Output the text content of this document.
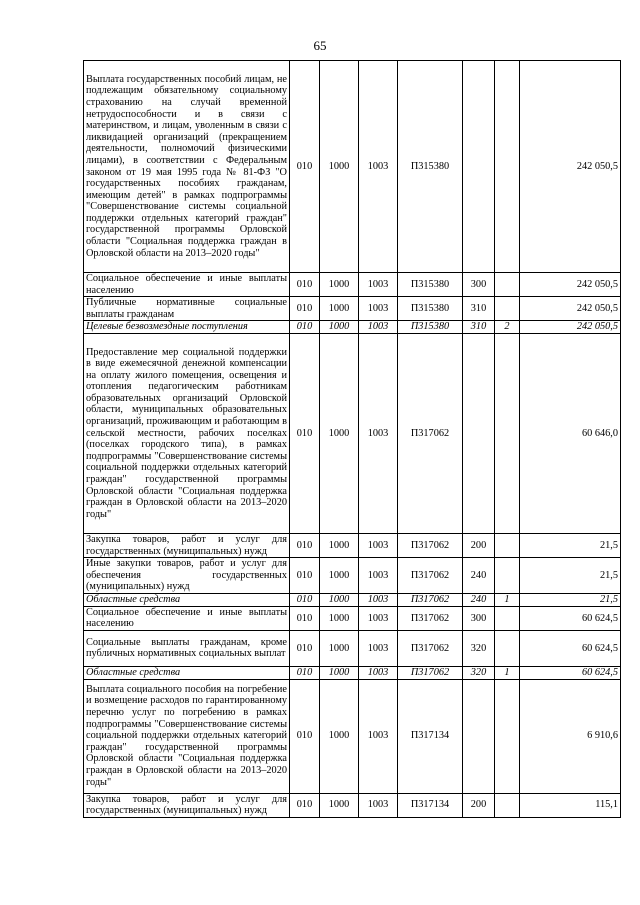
65
Выплата государственных пособий лицам, не подлежащим обязательному социальному страхованию на случай временной нетрудоспособности и в связи с материнством, и лицам, уволенным в связи с ликвидацией организаций (прекращением деятельности, полномочий физическими лицами), в соответствии с Федеральным законом от 19 мая 1995 года № 81-ФЗ "О государственных пособиях гражданам, имеющим детей" в рамках подпрограммы "Совершенствование системы социальной поддержки отдельных категорий граждан" государственной программы Орловской области "Социальная поддержка граждан в Орловской области на 2013–2020 годы"	010	1000	1003	П315380			242 050,5
Социальное обеспечение и иные выплаты населению	010	1000	1003	П315380	300		242 050,5
Публичные нормативные социальные выплаты гражданам	010	1000	1003	П315380	310		242 050,5
Целевые безвозмездные поступления	010	1000	1003	П315380	310	2	242 050,5
Предоставление мер социальной поддержки в виде ежемесячной денежной компенсации на оплату жилого помещения, освещения и отопления педагогическим работникам образовательных организаций Орловской области, муниципальных образовательных организаций, проживающим и работающим в сельской местности, рабочих поселках (поселках городского типа), в рамках подпрограммы "Совершенствование системы социальной поддержки отдельных категорий граждан" государственной программы Орловской области "Социальная поддержка граждан в Орловской области на 2013–2020 годы"	010	1000	1003	П317062			60 646,0
Закупка товаров, работ и услуг для государственных (муниципальных) нужд	010	1000	1003	П317062	200		21,5
Иные закупки товаров, работ и услуг для обеспечения государственных (муниципальных) нужд	010	1000	1003	П317062	240		21,5
Областные средства	010	1000	1003	П317062	240	1	21,5
Социальное обеспечение и иные выплаты населению	010	1000	1003	П317062	300		60 624,5
Социальные выплаты гражданам, кроме публичных нормативных социальных выплат	010	1000	1003	П317062	320		60 624,5
Областные средства	010	1000	1003	П317062	320	1	60 624,5
Выплата социального пособия на погребение и возмещение расходов по гарантированному перечню услуг по погребению в рамках подпрограммы "Совершенствование системы социальной поддержки отдельных категорий граждан" государственной программы Орловской области "Социальная поддержка граждан в Орловской области на 2013–2020 годы"	010	1000	1003	П317134			6 910,6
Закупка товаров, работ и услуг для государственных (муниципальных) нужд	010	1000	1003	П317134	200		115,1
